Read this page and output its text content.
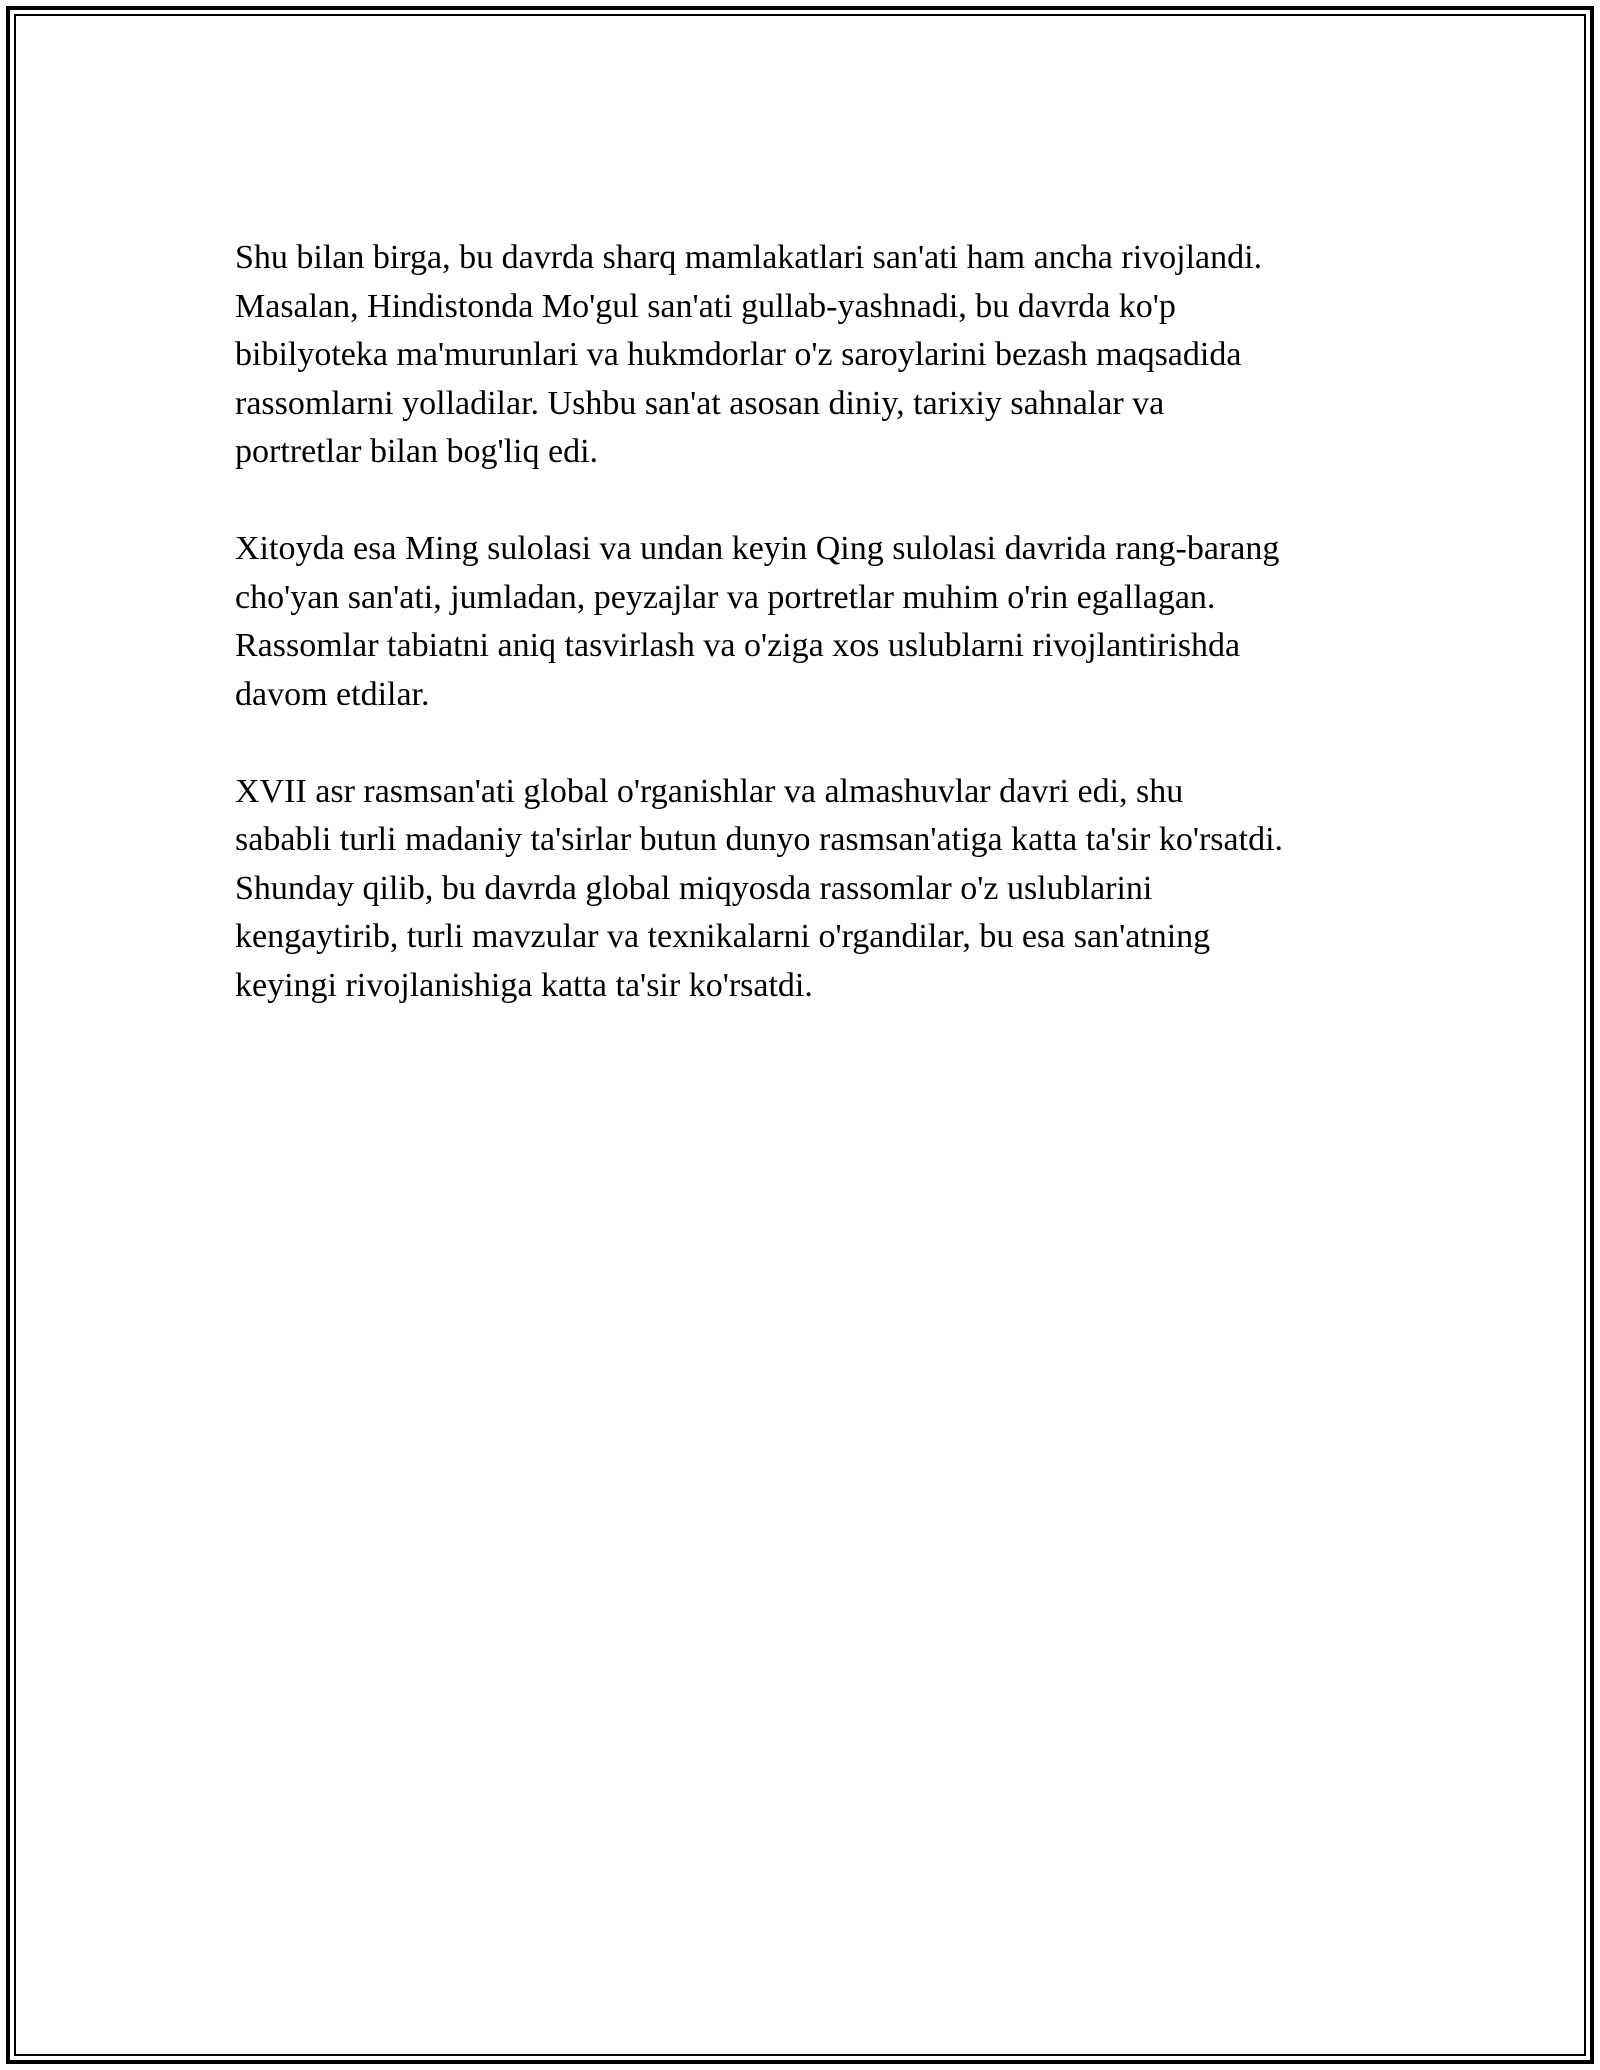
Shu bilan birga, bu davrda sharq mamlakatlari san'ati ham ancha rivojlandi.
Masalan, Hindistonda Mo'gul san'ati gullab-yashnadi, bu davrda ko'p
bibilyoteka ma'murunlari va hukmdorlar o'z saroylarini bezash maqsadida
rassomlarni yolladilar. Ushbu san'at asosan diniy, tarixiy sahnalar va
portretlar bilan bog'liq edi.

Xitoyda esa Ming sulolasi va undan keyin Qing sulolasi davrida rang-barang
cho'yan san'ati, jumladan, peyzajlar va portretlar muhim o'rin egallagan.
Rassomlar tabiatni aniq tasvirlash va o'ziga xos uslublarni rivojlantirishda
davom etdilar.

XVII asr rasmsan'ati global o'rganishlar va almashuvlar davri edi, shu
sababli turli madaniy ta'sirlar butun dunyo rasmsan'atiga katta ta'sir ko'rsatdi.
Shunday qilib, bu davrda global miqyosda rassomlar o'z uslublarini
kengaytirib, turli mavzular va texnikalarni o'rgandilar, bu esa san'atning
keyingi rivojlanishiga katta ta'sir ko'rsatdi.
